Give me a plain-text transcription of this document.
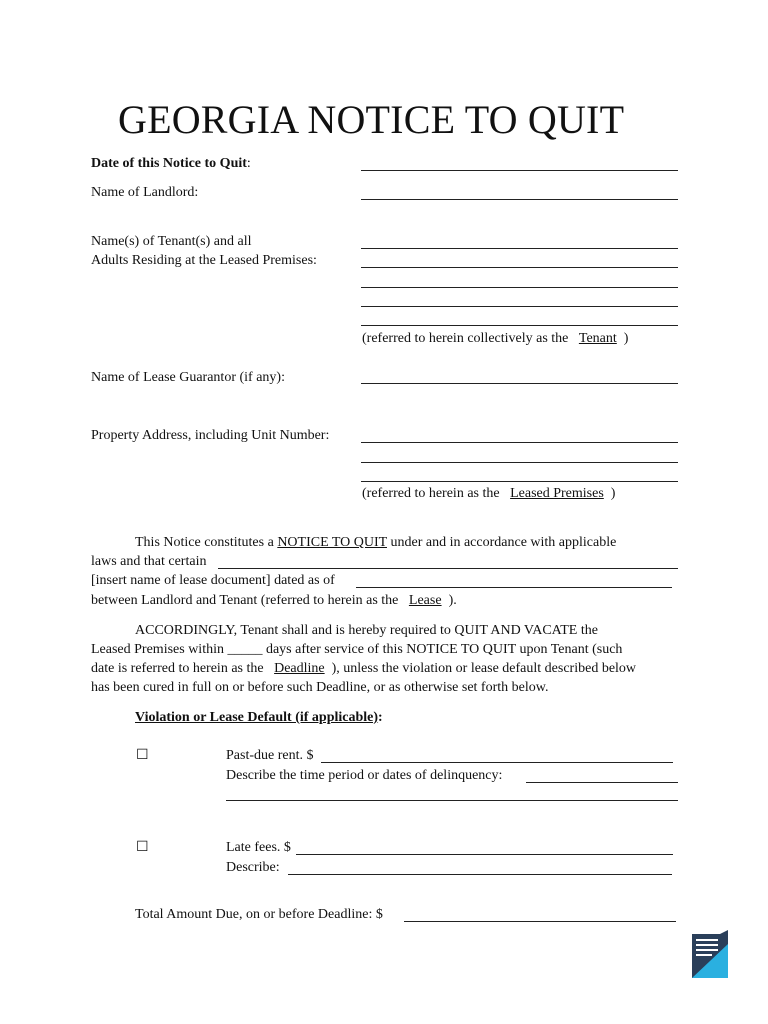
GEORGIA NOTICE TO QUIT
Date of this Notice to Quit:
Name of Landlord:
Name(s) of Tenant(s) and all
Adults Residing at the Leased Premises:
(referred to herein collectively as the Tenant )
Name of Lease Guarantor (if any):
Property Address, including Unit Number:
(referred to herein as the Leased Premises )
This Notice constitutes a NOTICE TO QUIT under and in accordance with applicable
laws and that certain
[insert name of lease document] dated as of
between Landlord and Tenant (referred to herein as the Lease ).
ACCORDINGLY, Tenant shall and is hereby required to QUIT AND VACATE the
Leased Premises within _____ days after service of this NOTICE TO QUIT upon Tenant (such
date is referred to herein as the Deadline ), unless the violation or lease default described below
has been cured in full on or before such Deadline, or as otherwise set forth below.
Violation or Lease Default (if applicable):
☐	Past-due rent. $
Describe the time period or dates of delinquency:
☐	Late fees. $
Describe:
Total Amount Due, on or before Deadline: $
